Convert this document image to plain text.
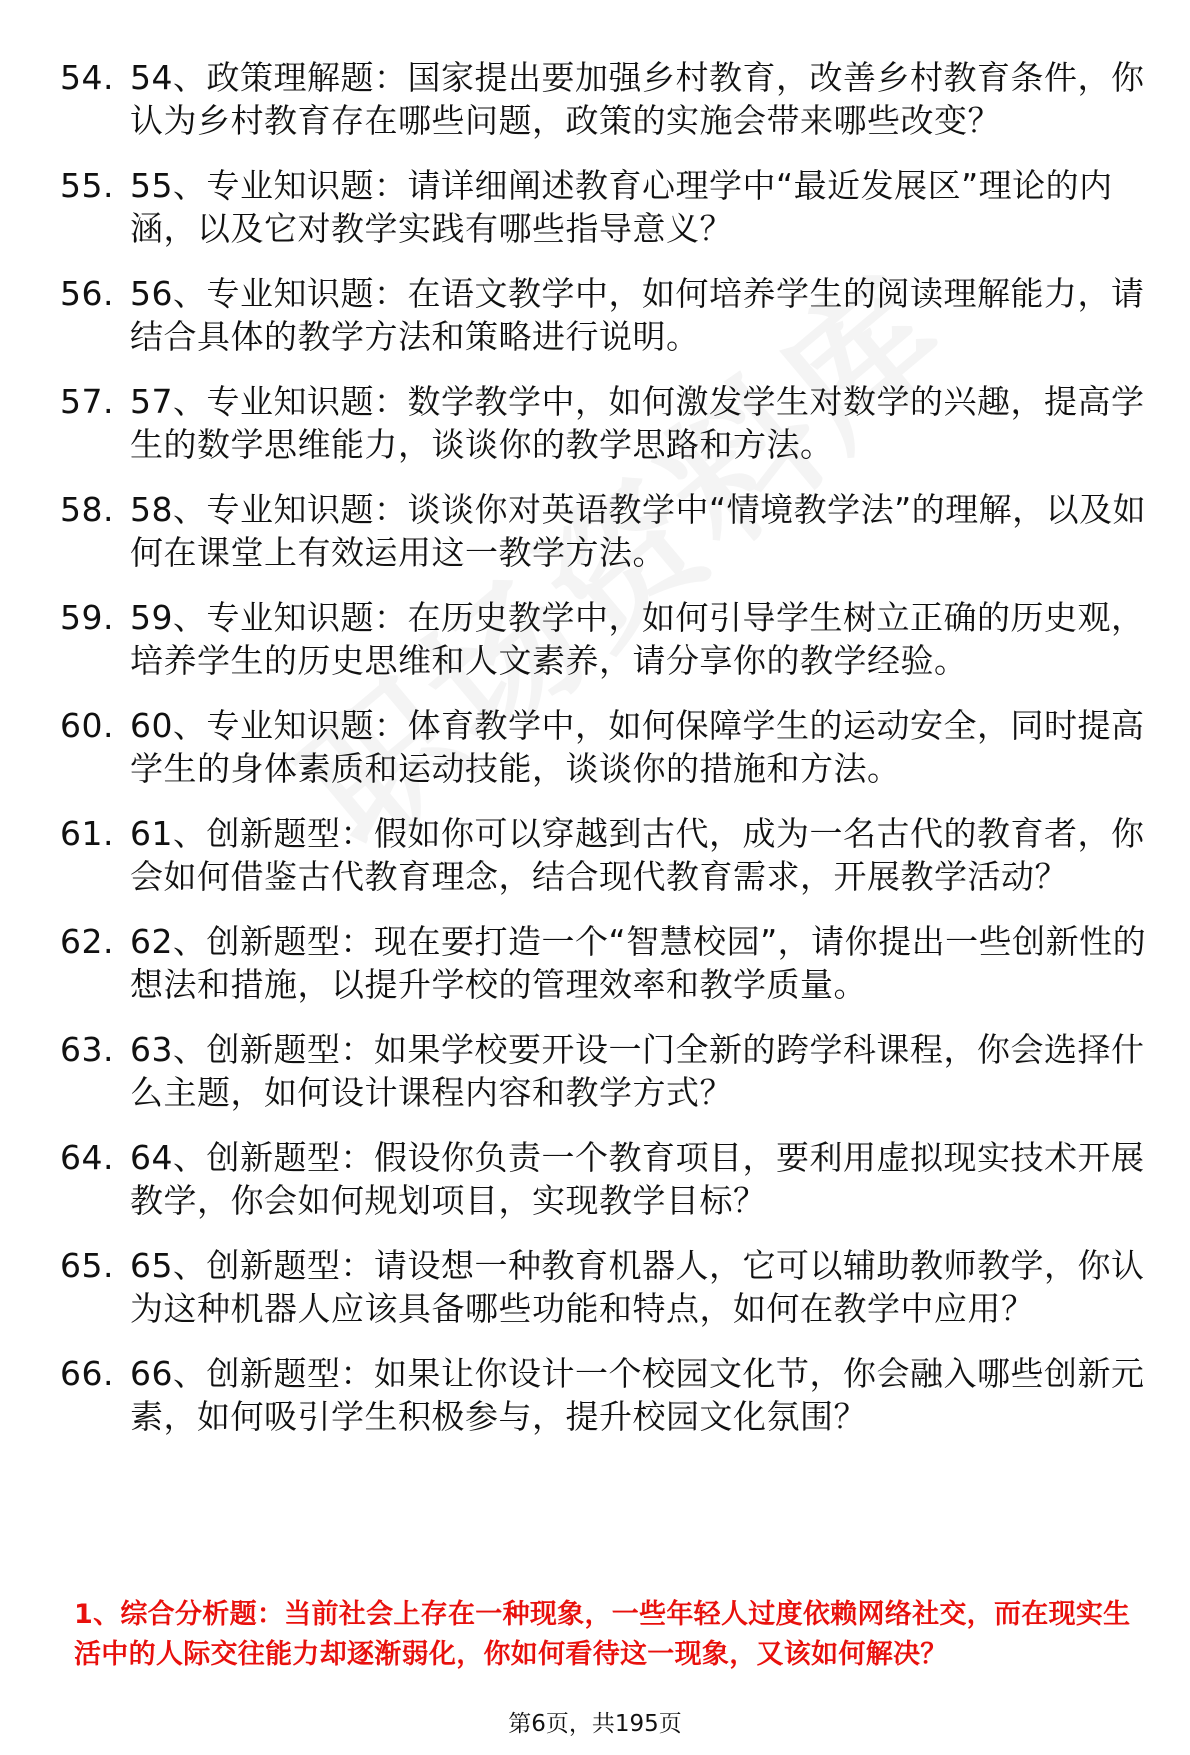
54. 54、政策理解题：国家提出要加强乡村教育，改善乡村教育条件，你认为乡村教育存在哪些问题，政策的实施会带来哪些改变？
55. 55、专业知识题：请详细阐述教育心理学中“最近发展区”理论的内涵，以及它对教学实践有哪些指导意义？
56. 56、专业知识题：在语文教学中，如何培养学生的阅读理解能力，请结合具体的教学方法和策略进行说明。
57. 57、专业知识题：数学教学中，如何激发学生对数学的兴趣，提高学生的数学思维能力，谈谈你的教学思路和方法。
58. 58、专业知识题：谈谈你对英语教学中“情境教学法”的理解，以及如何在课堂上有效运用这一教学方法。
59. 59、专业知识题：在历史教学中，如何引导学生树立正确的历史观，培养学生的历史思维和人文素养，请分享你的教学经验。
60. 60、专业知识题：体育教学中，如何保障学生的运动安全，同时提高学生的身体素质和运动技能，谈谈你的措施和方法。
61. 61、创新题型：假如你可以穿越到古代，成为一名古代的教育者，你会如何借鉴古代教育理念，结合现代教育需求，开展教学活动？
62. 62、创新题型：现在要打造一个“智慧校园”，请你提出一些创新性的想法和措施，以提升学校的管理效率和教学质量。
63. 63、创新题型：如果学校要开设一门全新的跨学科课程，你会选择什么主题，如何设计课程内容和教学方式？
64. 64、创新题型：假设你负责一个教育项目，要利用虚拟现实技术开展教学，你会如何规划项目，实现教学目标？
65. 65、创新题型：请设想一种教育机器人，它可以辅助教师教学，你认为这种机器人应该具备哪些功能和特点，如何在教学中应用？
66. 66、创新题型：如果让你设计一个校园文化节，你会融入哪些创新元素，如何吸引学生积极参与，提升校园文化氛围？
1、综合分析题：当前社会上存在一种现象，一些年轻人过度依赖网络社交，而在现实生活中的人际交往能力却逐渐弱化，你如何看待这一现象，又该如何解决？
第6页，共195页
